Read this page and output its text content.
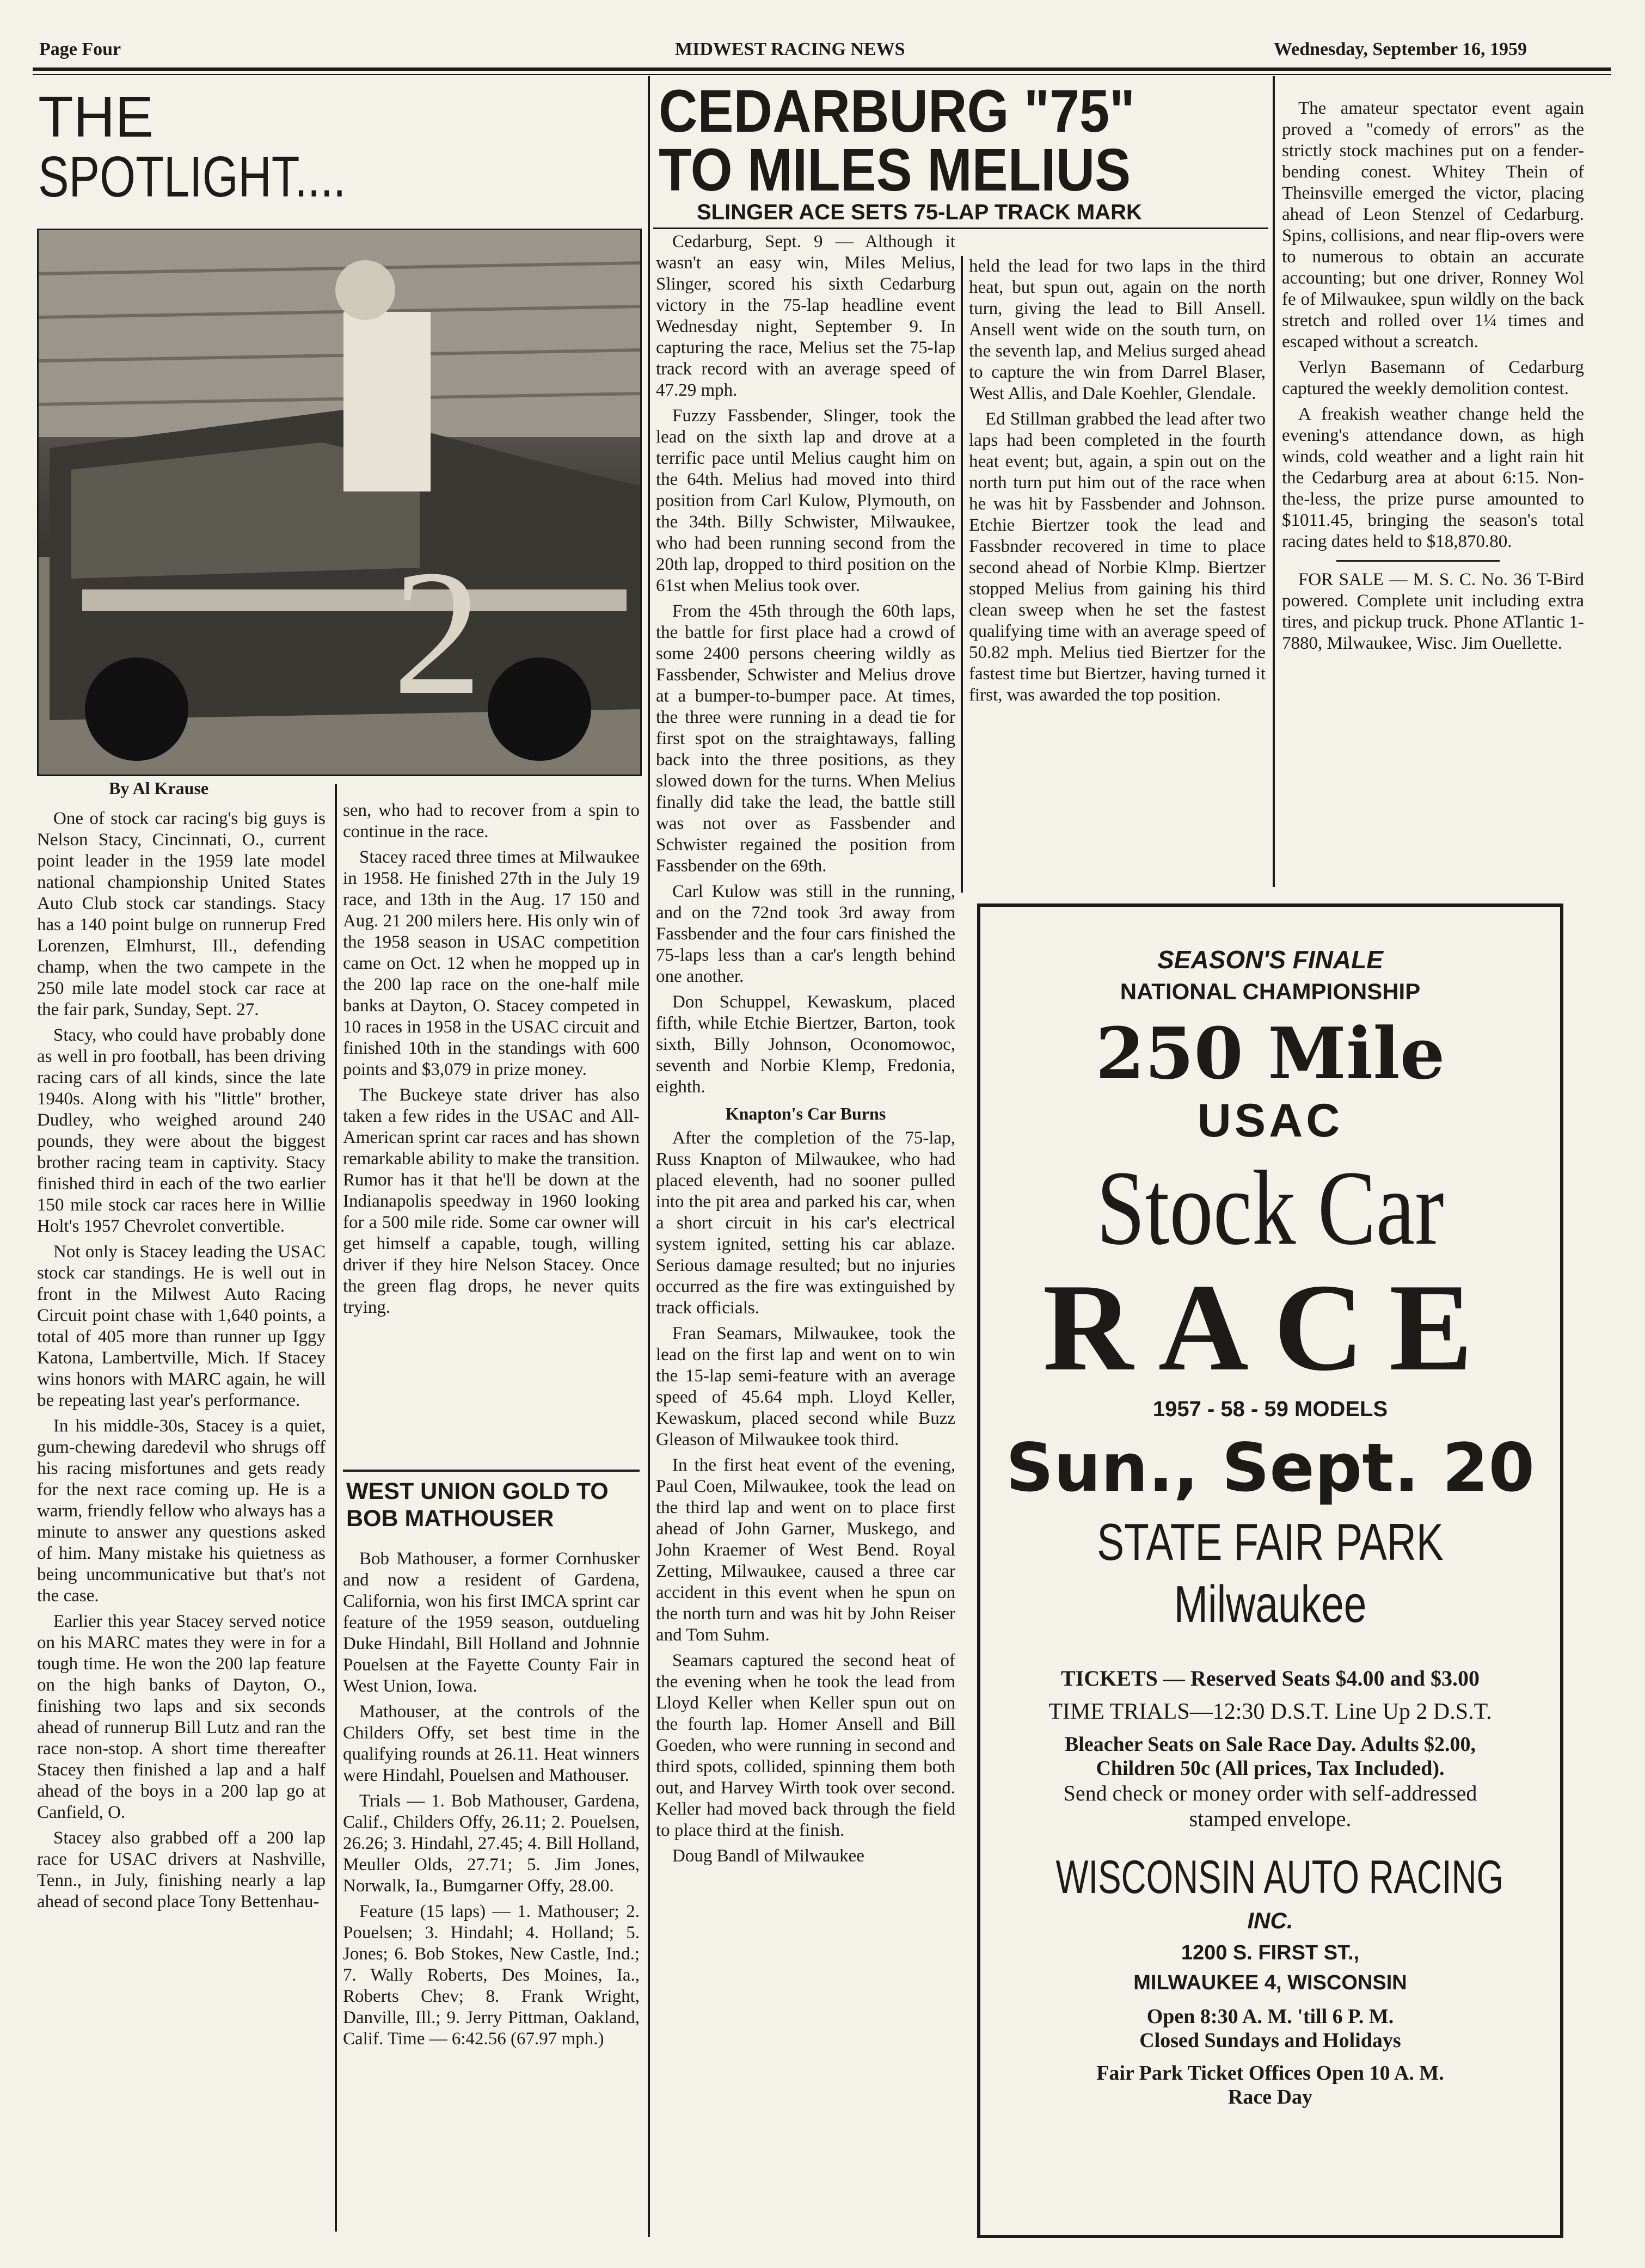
Page Four	MIDWEST RACING NEWS	Wednesday, September 16, 1959
THE
SPOTLIGHT....
2
By Al Krause

One of stock car racing's big guys is Nelson Stacy, Cincinnati, O., current point leader in the 1959 late model national championship United States Auto Club stock car standings. Stacy has a 140 point bulge on runnerup Fred Lorenzen, Elmhurst, Ill., defending champ, when the two campete in the 250 mile late model stock car race at the fair park, Sunday, Sept. 27.

Stacy, who could have probably done as well in pro football, has been driving racing cars of all kinds, since the late 1940s. Along with his "little" brother, Dudley, who weighed around 240 pounds, they were about the biggest brother racing team in captivity. Stacy finished third in each of the two earlier 150 mile stock car races here in Willie Holt's 1957 Chevrolet convertible.

Not only is Stacey leading the USAC stock car standings. He is well out in front in the Milwest Auto Racing Circuit point chase with 1,640 points, a total of 405 more than runner up Iggy Katona, Lambertville, Mich. If Stacey wins honors with MARC again, he will be repeating last year's performance.

In his middle-30s, Stacey is a quiet, gum-chewing daredevil who shrugs off his racing misfortunes and gets ready for the next race coming up. He is a warm, friendly fellow who always has a minute to answer any questions asked of him. Many mistake his quietness as being uncommunicative but that's not the case.

Earlier this year Stacey served notice on his MARC mates they were in for a tough time. He won the 200 lap feature on the high banks of Dayton, O., finishing two laps and six seconds ahead of runnerup Bill Lutz and ran the race non-stop. A short time thereafter Stacey then finished a lap and a half ahead of the boys in a 200 lap go at Canfield, O.

Stacey also grabbed off a 200 lap race for USAC drivers at Nashville, Tenn., in July, finishing nearly a lap ahead of second place Tony Bettenhau-

sen, who had to recover from a spin to continue in the race.

Stacey raced three times at Milwaukee in 1958. He finished 27th in the July 19 race, and 13th in the Aug. 17 150 and Aug. 21 200 milers here. His only win of the 1958 season in USAC competition came on Oct. 12 when he mopped up in the 200 lap race on the one-half mile banks at Dayton, O. Stacey competed in 10 races in 1958 in the USAC circuit and finished 10th in the standings with 600 points and $3,079 in prize money.

The Buckeye state driver has also taken a few rides in the USAC and All-American sprint car races and has shown remarkable ability to make the transition. Rumor has it that he'll be down at the Indianapolis speedway in 1960 looking for a 500 mile ride. Some car owner will get himself a capable, tough, willing driver if they hire Nelson Stacey. Once the green flag drops, he never quits trying.

WEST UNION GOLD TO
BOB MATHOUSER

Bob Mathouser, a former Cornhusker and now a resident of Gardena, California, won his first IMCA sprint car feature of the 1959 season, outdueling Duke Hindahl, Bill Holland and Johnnie Pouelsen at the Fayette County Fair in West Union, Iowa.

Mathouser, at the controls of the Childers Offy, set best time in the qualifying rounds at 26.11. Heat winners were Hindahl, Pouelsen and Mathouser.

Trials — 1. Bob Mathouser, Gardena, Calif., Childers Offy, 26.11; 2. Pouelsen, 26.26; 3. Hindahl, 27.45; 4. Bill Holland, Meuller Olds, 27.71; 5. Jim Jones, Norwalk, Ia., Bumgarner Offy, 28.00.

Feature (15 laps) — 1. Mathouser; 2. Pouelsen; 3. Hindahl; 4. Holland; 5. Jones; 6. Bob Stokes, New Castle, Ind.; 7. Wally Roberts, Des Moines, Ia., Roberts Chev; 8. Frank Wright, Danville, Ill.; 9. Jerry Pittman, Oakland, Calif. Time — 6:42.56 (67.97 mph.)

CEDARBURG "75"
TO MILES MELIUS
SLINGER ACE SETS 75-LAP TRACK MARK

Cedarburg, Sept. 9 — Although it wasn't an easy win, Miles Melius, Slinger, scored his sixth Cedarburg victory in the 75-lap headline event Wednesday night, September 9. In capturing the race, Melius set the 75-lap track record with an average speed of 47.29 mph.

Fuzzy Fassbender, Slinger, took the lead on the sixth lap and drove at a terrific pace until Melius caught him on the 64th. Melius had moved into third position from Carl Kulow, Plymouth, on the 34th. Billy Schwister, Milwaukee, who had been running second from the 20th lap, dropped to third position on the 61st when Melius took over.

From the 45th through the 60th laps, the battle for first place had a crowd of some 2400 persons cheering wildly as Fassbender, Schwister and Melius drove at a bumper-to-bumper pace. At times, the three were running in a dead tie for first spot on the straightaways, falling back into the three positions, as they slowed down for the turns. When Melius finally did take the lead, the battle still was not over as Fassbender and Schwister regained the position from Fassbender on the 69th.

Carl Kulow was still in the running, and on the 72nd took 3rd away from Fassbender and the four cars finished the 75-laps less than a car's length behind one another.

Don Schuppel, Kewaskum, placed fifth, while Etchie Biertzer, Barton, took sixth, Billy Johnson, Oconomowoc, seventh and Norbie Klemp, Fredonia, eighth.

Knapton's Car Burns

After the completion of the 75-lap, Russ Knapton of Milwaukee, who had placed eleventh, had no sooner pulled into the pit area and parked his car, when a short circuit in his car's electrical system ignited, setting his car ablaze. Serious damage resulted; but no injuries occurred as the fire was extinguished by track officials.

Fran Seamars, Milwaukee, took the lead on the first lap and went on to win the 15-lap semi-feature with an average speed of 45.64 mph. Lloyd Keller, Kewaskum, placed second while Buzz Gleason of Milwaukee took third.

In the first heat event of the evening, Paul Coen, Milwaukee, took the lead on the third lap and went on to place first ahead of John Garner, Muskego, and John Kraemer of West Bend. Royal Zetting, Milwaukee, caused a three car accident in this event when he spun on the north turn and was hit by John Reiser and Tom Suhm.

Seamars captured the second heat of the evening when he took the lead from Lloyd Keller when Keller spun out on the fourth lap. Homer Ansell and Bill Goeden, who were running in second and third spots, collided, spinning them both out, and Harvey Wirth took over second. Keller had moved back through the field to place third at the finish.

Doug Bandl of Milwaukee

held the lead for two laps in the third heat, but spun out, again on the north turn, giving the lead to Bill Ansell. Ansell went wide on the south turn, on the seventh lap, and Melius surged ahead to capture the win from Darrel Blaser, West Allis, and Dale Koehler, Glendale.

Ed Stillman grabbed the lead after two laps had been completed in the fourth heat event; but, again, a spin out on the north turn put him out of the race when he was hit by Fassbender and Johnson. Etchie Biertzer took the lead and Fassbnder recovered in time to place second ahead of Norbie Klmp. Biertzer stopped Melius from gaining his third clean sweep when he set the fastest qualifying time with an average speed of 50.82 mph. Melius tied Biertzer for the fastest time but Biertzer, having turned it first, was awarded the top position.

The amateur spectator event again proved a "comedy of errors" as the strictly stock machines put on a fender-bending conest. Whitey Thein of Theinsville emerged the victor, placing ahead of Leon Stenzel of Cedarburg. Spins, collisions, and near flip-overs were to numerous to obtain an accurate accounting; but one driver, Ronney Wol fe of Milwaukee, spun wildly on the back stretch and rolled over 1¼ times and escaped without a screatch.

Verlyn Basemann of Cedarburg captured the weekly demolition contest.

A freakish weather change held the evening's attendance down, as high winds, cold weather and a light rain hit the Cedarburg area at about 6:15. Non-the-less, the prize purse amounted to $1011.45, bringing the season's total racing dates held to $18,870.80.

FOR SALE — M. S. C. No. 36 T-Bird powered. Complete unit including extra tires, and pickup truck. Phone ATlantic 1-7880, Milwaukee, Wisc. Jim Ouellette.

SEASON'S FINALE
NATIONAL CHAMPIONSHIP
250 Mile
USAC
Stock Car
RACE
1957 - 58 - 59 MODELS
Sun., Sept. 20
STATE FAIR PARK
Milwaukee
TICKETS — Reserved Seats $4.00 and $3.00
TIME TRIALS—12:30 D.S.T. Line Up 2 D.S.T.
Bleacher Seats on Sale Race Day. Adults $2.00,
Children 50c (All prices, Tax Included).
Send check or money order with self-addressed
stamped envelope.
WISCONSIN AUTO RACING
INC.
1200 S. FIRST ST.,
MILWAUKEE 4, WISCONSIN
Open 8:30 A. M. 'till 6 P. M.
Closed Sundays and Holidays
Fair Park Ticket Offices Open 10 A. M.
Race Day
